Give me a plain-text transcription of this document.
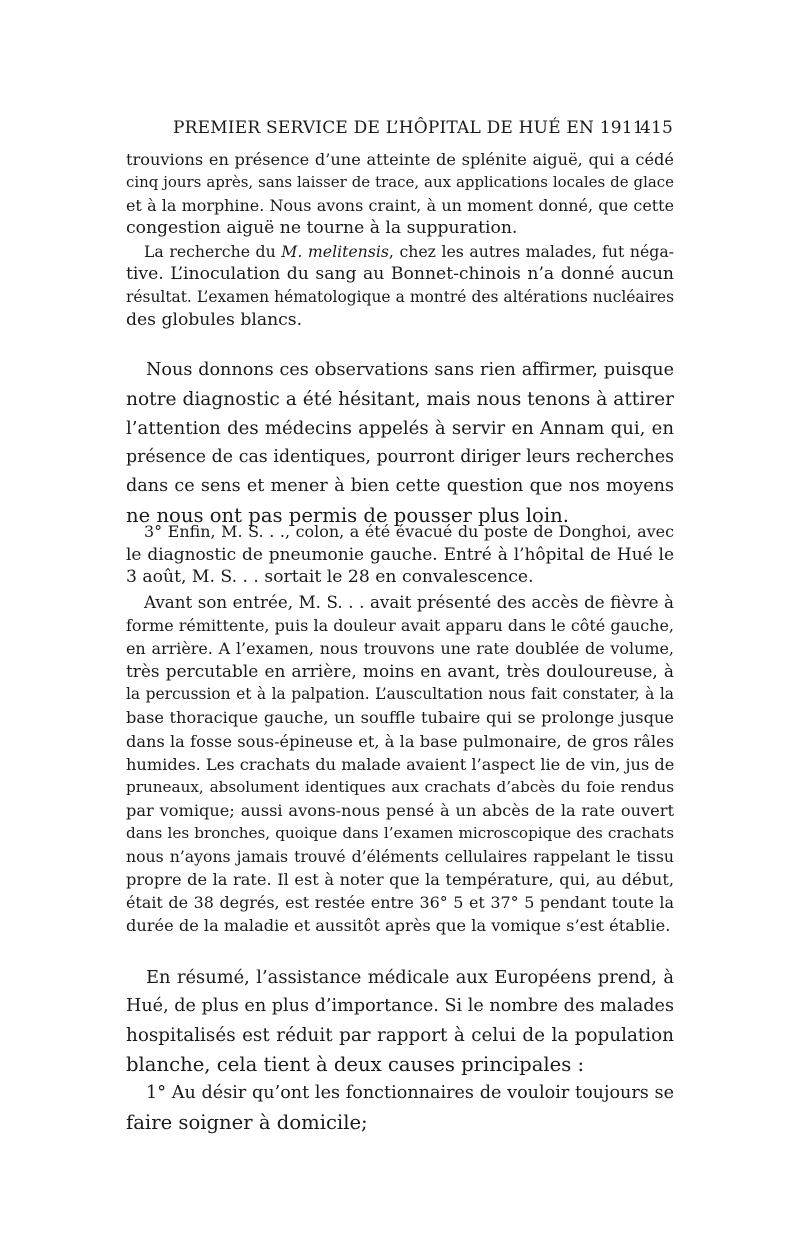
PREMIER SERVICE DE L’HÔPITAL DE HUÉ EN 1911.
415
trouvions en présence d’une atteinte de splénite aiguë, qui a cédé
cinq jours après, sans laisser de trace, aux applications locales de glace
et à la morphine. Nous avons craint, à un moment donné, que cette
congestion aiguë ne tourne à la suppuration.
La recherche du M. melitensis, chez les autres malades, fut néga-
tive. L’inoculation du sang au Bonnet-chinois n’a donné aucun
résultat. L’examen hématologique a montré des altérations nucléaires
des globules blancs.
Nous donnons ces observations sans rien affirmer, puisque
notre diagnostic a été hésitant, mais nous tenons à attirer
l’attention des médecins appelés à servir en Annam qui, en
présence de cas identiques, pourront diriger leurs recherches
dans ce sens et mener à bien cette question que nos moyens
ne nous ont pas permis de pousser plus loin.
3° Enfin, M. S. . ., colon, a été évacué du poste de Donghoi, avec
le diagnostic de pneumonie gauche. Entré à l’hôpital de Hué le
3 août, M. S. . . sortait le 28 en convalescence.
Avant son entrée, M. S. . . avait présenté des accès de fièvre à
forme rémittente, puis la douleur avait apparu dans le côté gauche,
en arrière. A l’examen, nous trouvons une rate doublée de volume,
très percutable en arrière, moins en avant, très douloureuse, à
la percussion et à la palpation. L’auscultation nous fait constater, à la
base thoracique gauche, un souffle tubaire qui se prolonge jusque
dans la fosse sous-épineuse et, à la base pulmonaire, de gros râles
humides. Les crachats du malade avaient l’aspect lie de vin, jus de
pruneaux, absolument identiques aux crachats d’abcès du foie rendus
par vomique; aussi avons-nous pensé à un abcès de la rate ouvert
dans les bronches, quoique dans l’examen microscopique des crachats
nous n’ayons jamais trouvé d’éléments cellulaires rappelant le tissu
propre de la rate. Il est à noter que la température, qui, au début,
était de 38 degrés, est restée entre 36° 5 et 37° 5 pendant toute la
durée de la maladie et aussitôt après que la vomique s’est établie.
En résumé, l’assistance médicale aux Européens prend, à
Hué, de plus en plus d’importance. Si le nombre des malades
hospitalisés est réduit par rapport à celui de la population
blanche, cela tient à deux causes principales :
1° Au désir qu’ont les fonctionnaires de vouloir toujours se
faire soigner à domicile;
